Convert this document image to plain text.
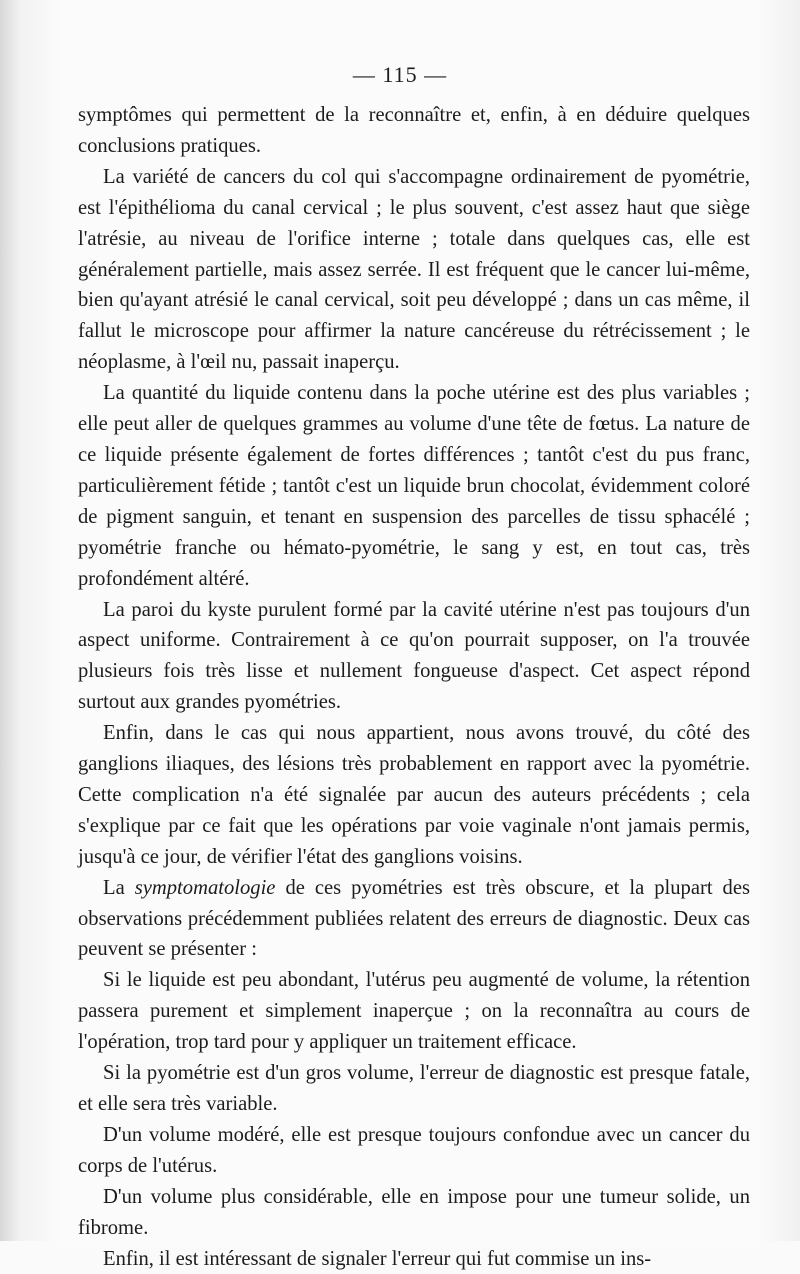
— 115 —

symptômes qui permettent de la reconnaître et, enfin, à en déduire quelques conclusions pratiques.

La variété de cancers du col qui s'accompagne ordinairement de pyométrie, est l'épithélioma du canal cervical ; le plus souvent, c'est assez haut que siège l'atrésie, au niveau de l'orifice interne ; totale dans quelques cas, elle est généralement partielle, mais assez serrée. Il est fréquent que le cancer lui-même, bien qu'ayant atrésié le canal cervical, soit peu développé ; dans un cas même, il fallut le microscope pour affirmer la nature cancéreuse du rétrécissement ; le néoplasme, à l'œil nu, passait inaperçu.

La quantité du liquide contenu dans la poche utérine est des plus variables ; elle peut aller de quelques grammes au volume d'une tête de fœtus. La nature de ce liquide présente également de fortes différences ; tantôt c'est du pus franc, particulièrement fétide ; tantôt c'est un liquide brun chocolat, évidemment coloré de pigment sanguin, et tenant en suspension des parcelles de tissu sphacélé ; pyométrie franche ou hémato-pyométrie, le sang y est, en tout cas, très profondément altéré.

La paroi du kyste purulent formé par la cavité utérine n'est pas toujours d'un aspect uniforme. Contrairement à ce qu'on pourrait supposer, on l'a trouvée plusieurs fois très lisse et nullement fongueuse d'aspect. Cet aspect répond surtout aux grandes pyométries.

Enfin, dans le cas qui nous appartient, nous avons trouvé, du côté des ganglions iliaques, des lésions très probablement en rapport avec la pyométrie. Cette complication n'a été signalée par aucun des auteurs précédents ; cela s'explique par ce fait que les opérations par voie vaginale n'ont jamais permis, jusqu'à ce jour, de vérifier l'état des ganglions voisins.

La symptomatologie de ces pyométries est très obscure, et la plupart des observations précédemment publiées relatent des erreurs de diagnostic. Deux cas peuvent se présenter :

Si le liquide est peu abondant, l'utérus peu augmenté de volume, la rétention passera purement et simplement inaperçue ; on la reconnaîtra au cours de l'opération, trop tard pour y appliquer un traitement efficace.

Si la pyométrie est d'un gros volume, l'erreur de diagnostic est presque fatale, et elle sera très variable.

D'un volume modéré, elle est presque toujours confondue avec un cancer du corps de l'utérus.

D'un volume plus considérable, elle en impose pour une tumeur solide, un fibrome.

Enfin, il est intéressant de signaler l'erreur qui fut commise un ins-
